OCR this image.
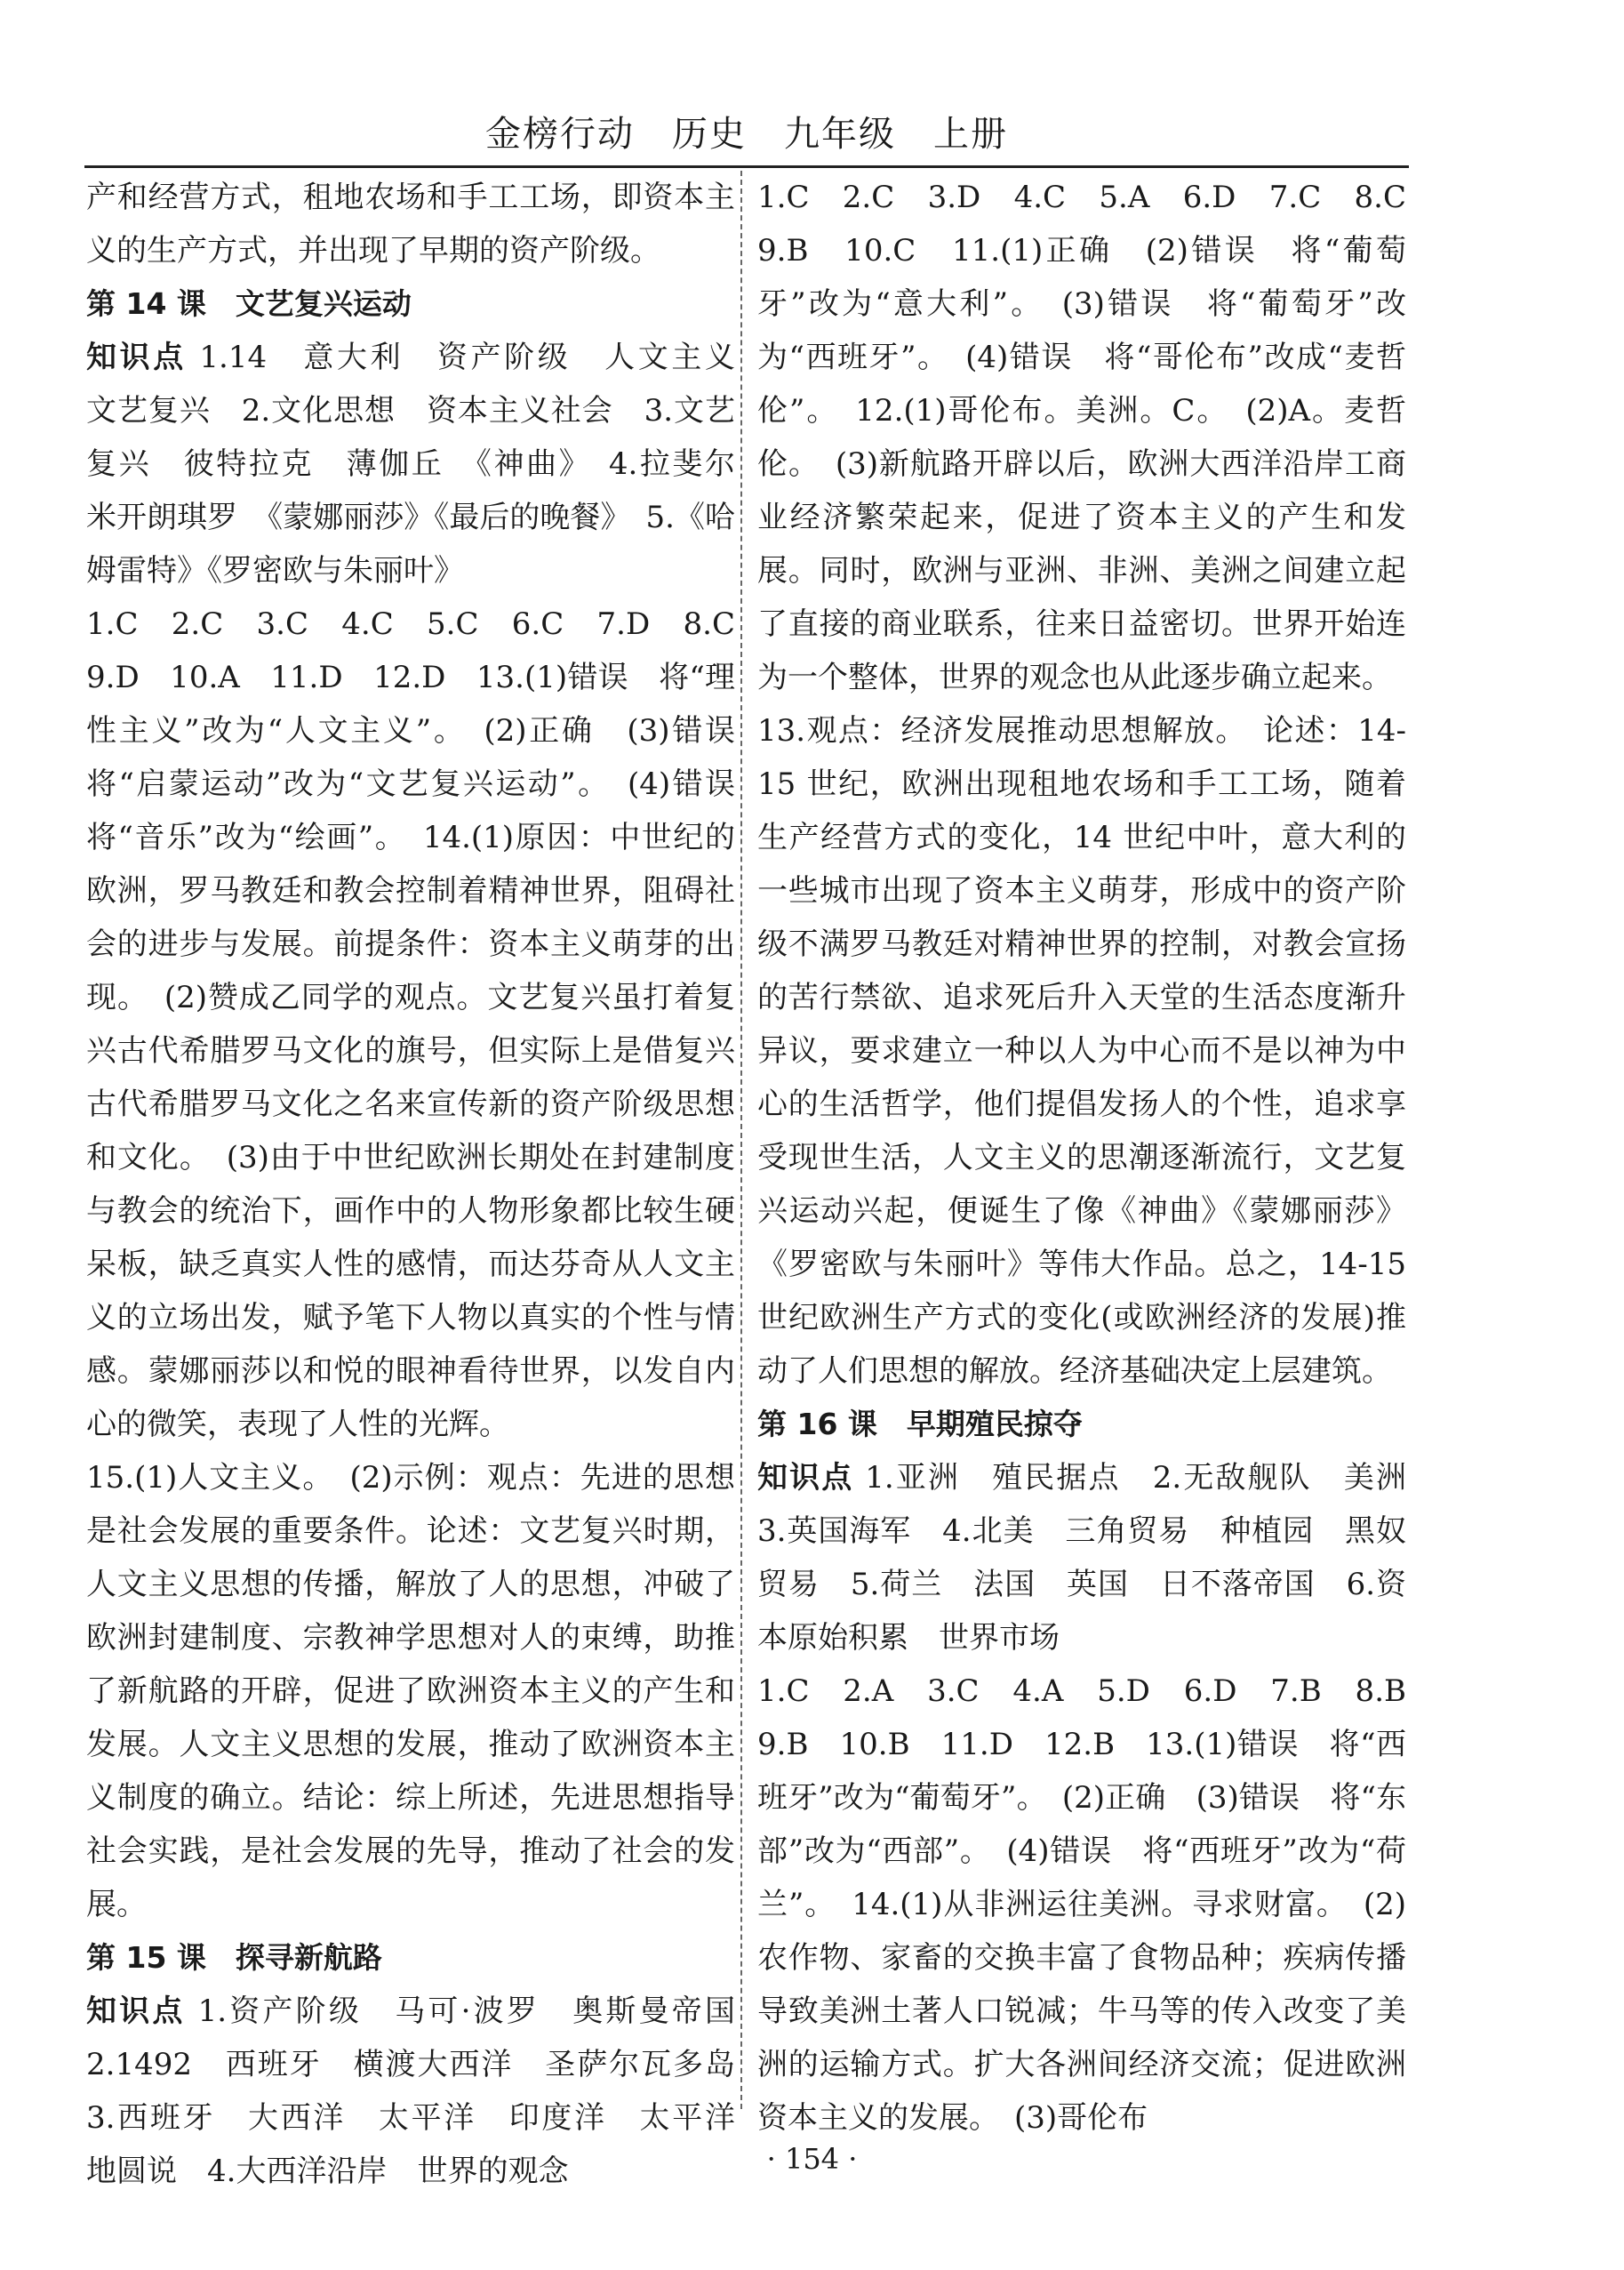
金榜行动　历史　九年级　上册

产和经营方式，租地农场和手工工场，即资本主义的生产方式，并出现了早期的资产阶级。

第 14 课　文艺复兴运动

知识点 1.14　意大利　资产阶级　人文主义　文艺复兴　2.文化思想　资本主义社会　3.文艺复兴　彼特拉克　薄伽丘　《神曲》　4.拉斐尔　米开朗琪罗　《蒙娜丽莎》《最后的晚餐》　5.《哈姆雷特》《罗密欧与朱丽叶》

1.C　2.C　3.C　4.C　5.C　6.C　7.D　8.C　9.D　10.A　11.D　12.D　13.(1)错误　将“理性主义”改为“人文主义”。　(2)正确　(3)错误　将“启蒙运动”改为“文艺复兴运动”。　(4)错误　将“音乐”改为“绘画”。　14.(1)原因：中世纪的欧洲，罗马教廷和教会控制着精神世界，阻碍社会的进步与发展。前提条件：资本主义萌芽的出现。　(2)赞成乙同学的观点。文艺复兴虽打着复兴古代希腊罗马文化的旗号，但实际上是借复兴古代希腊罗马文化之名来宣传新的资产阶级思想和文化。　(3)由于中世纪欧洲长期处在封建制度与教会的统治下，画作中的人物形象都比较生硬呆板，缺乏真实人性的感情，而达芬奇从人文主义的立场出发，赋予笔下人物以真实的个性与情感。蒙娜丽莎以和悦的眼神看待世界，以发自内心的微笑，表现了人性的光辉。

15.(1)人文主义。　(2)示例：观点：先进的思想是社会发展的重要条件。论述：文艺复兴时期，人文主义思想的传播，解放了人的思想，冲破了欧洲封建制度、宗教神学思想对人的束缚，助推了新航路的开辟，促进了欧洲资本主义的产生和发展。人文主义思想的发展，推动了欧洲资本主义制度的确立。结论：综上所述，先进思想指导社会实践，是社会发展的先导，推动了社会的发展。

第 15 课　探寻新航路

知识点 1.资产阶级　马可·波罗　奥斯曼帝国　2.1492　西班牙　横渡大西洋　圣萨尔瓦多岛　3.西班牙　大西洋　太平洋　印度洋　太平洋　地圆说　4.大西洋沿岸　世界的观念

1.C　2.C　3.D　4.C　5.A　6.D　7.C　8.C　9.B　10.C　11.(1)正确　(2)错误　将“葡萄牙”改为“意大利”。　(3)错误　将“葡萄牙”改为“西班牙”。　(4)错误　将“哥伦布”改成“麦哲伦”。　12.(1)哥伦布。美洲。C。　(2)A。麦哲伦。　(3)新航路开辟以后，欧洲大西洋沿岸工商业经济繁荣起来，促进了资本主义的产生和发展。同时，欧洲与亚洲、非洲、美洲之间建立起了直接的商业联系，往来日益密切。世界开始连为一个整体，世界的观念也从此逐步确立起来。

13.观点：经济发展推动思想解放。　论述：14-15 世纪，欧洲出现租地农场和手工工场，随着生产经营方式的变化，14 世纪中叶，意大利的一些城市出现了资本主义萌芽，形成中的资产阶级不满罗马教廷对精神世界的控制，对教会宣扬的苦行禁欲、追求死后升入天堂的生活态度渐升异议，要求建立一种以人为中心而不是以神为中心的生活哲学，他们提倡发扬人的个性，追求享受现世生活，人文主义的思潮逐渐流行，文艺复兴运动兴起，便诞生了像《神曲》《蒙娜丽莎》《罗密欧与朱丽叶》等伟大作品。总之，14-15 世纪欧洲生产方式的变化(或欧洲经济的发展)推动了人们思想的解放。经济基础决定上层建筑。

第 16 课　早期殖民掠夺

知识点 1.亚洲　殖民据点　2.无敌舰队　美洲　3.英国海军　4.北美　三角贸易　种植园　黑奴贸易　5.荷兰　法国　英国　日不落帝国　6.资本原始积累　世界市场

1.C　2.A　3.C　4.A　5.D　6.D　7.B　8.B　9.B　10.B　11.D　12.B　13.(1)错误　将“西班牙”改为“葡萄牙”。　(2)正确　(3)错误　将“东部”改为“西部”。　(4)错误　将“西班牙”改为“荷兰”。　14.(1)从非洲运往美洲。寻求财富。　(2)农作物、家畜的交换丰富了食物品种；疾病传播导致美洲土著人口锐减；牛马等的传入改变了美洲的运输方式。扩大各洲间经济交流；促进欧洲资本主义的发展。　(3)哥伦布

· 154 ·
